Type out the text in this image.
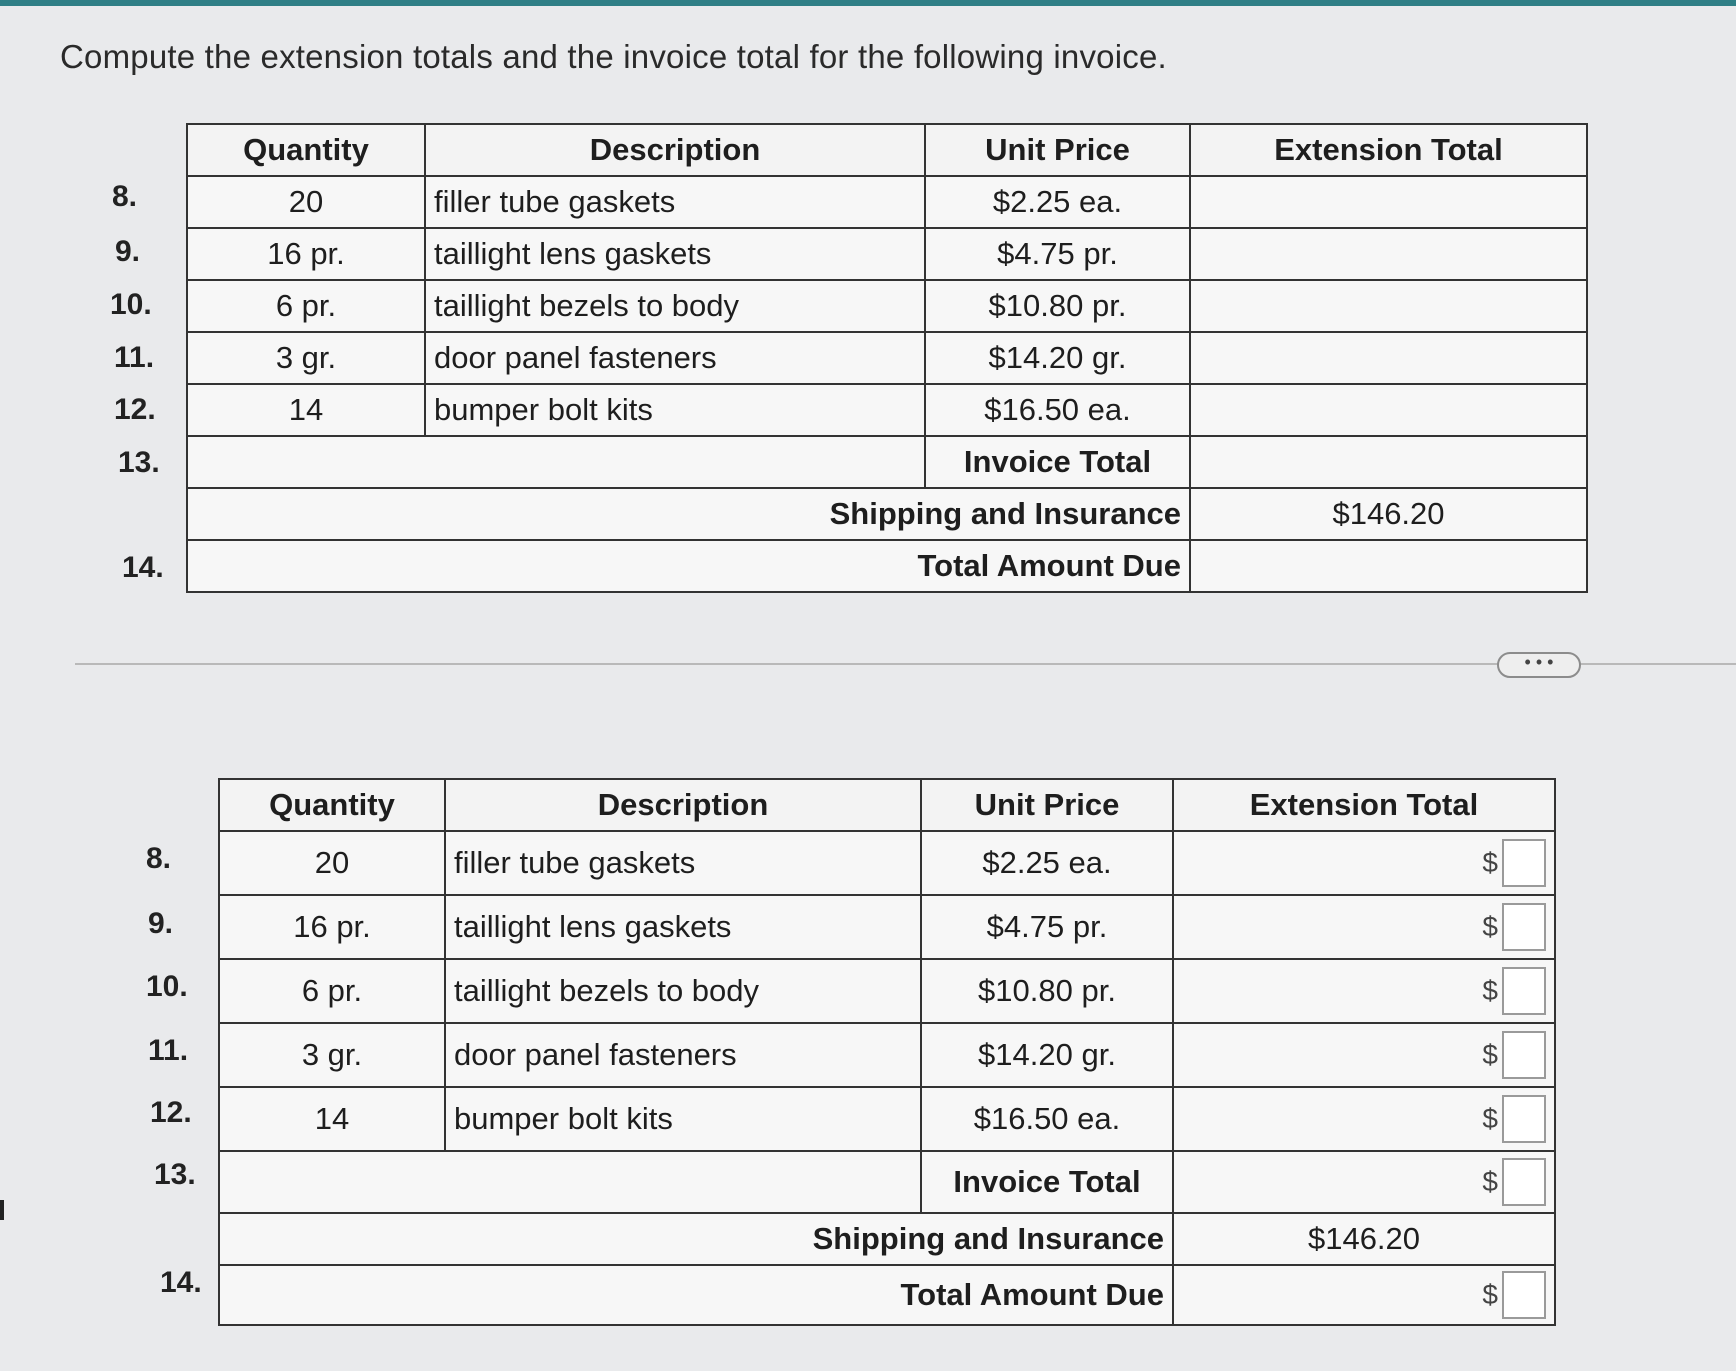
Compute the extension totals and the invoice total for the following invoice.
8.
9.
10.
11.
12.
13.
14.
Quantity	Description	Unit Price	Extension Total
20	filler tube gaskets	$2.25 ea.	
16 pr.	taillight lens gaskets	$4.75 pr.	
6 pr.	taillight bezels to body	$10.80 pr.	
3 gr.	door panel fasteners	$14.20 gr.	
14	bumper bolt kits	$16.50 ea.	
		Invoice Total	
Shipping and Insurance			$146.20
Total Amount Due			
• • •
8.
9.
10.
11.
12.
13.
14.
Quantity	Description	Unit Price	Extension Total
20	filler tube gaskets	$2.25 ea.	$

16 pr.	taillight lens gaskets	$4.75 pr.	$

6 pr.	taillight bezels to body	$10.80 pr.	$

3 gr.	door panel fasteners	$14.20 gr.	$

14	bumper bolt kits	$16.50 ea.	$

		Invoice Total	$

Shipping and Insurance			$146.20
Total Amount Due			$
